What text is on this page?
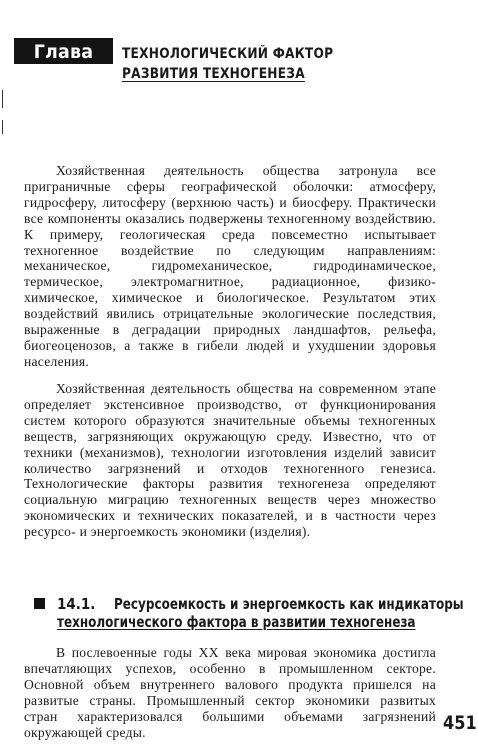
Глава 14
ТЕХНОЛОГИЧЕСКИЙ ФАКТОР
РАЗВИТИЯ ТЕХНОГЕНЕЗА

Хозяйственная деятельность общества затронула все приграничные сферы географической оболочки: атмосферу, гидросферу, литосферу (верхнюю часть) и биосферу. Практически все компоненты оказались подвержены техногенному воздействию. К примеру, геологическая среда повсеместно испытывает техногенное воздействие по следующим направлениям: механическое, гидромеханическое, гидродинамическое, термическое, электромагнитное, радиационное, физико-химическое, химическое и биологическое. Результатом этих воздействий явились отрицательные экологические последствия, выраженные в деградации природных ландшафтов, рельефа, биогеоценозов, а также в гибели людей и ухудшении здоровья населения.

Хозяйственная деятельность общества на современном этапе определяет экстенсивное производство, от функционирования систем которого образуются значительные объемы техногенных веществ, загрязняющих окружающую среду. Известно, что от техники (механизмов), технологии изготовления изделий зависит количество загрязнений и отходов техногенного генезиса. Технологические факторы развития техногенеза определяют социальную миграцию техногенных веществ через множество экономических и технических показателей, и в частности через ресурсо- и энергоемкость экономики (изделия).

14.1. Ресурсоемкость и энергоемкость как индикаторы
технологического фактора в развитии техногенеза

В послевоенные годы XX века мировая экономика достигла впечатляющих успехов, особенно в промышленном секторе. Основной объем внутреннего валового продукта пришелся на развитые страны. Промышленный сектор экономики развитых стран характеризовался большими объемами загрязнений окружающей среды.	451
